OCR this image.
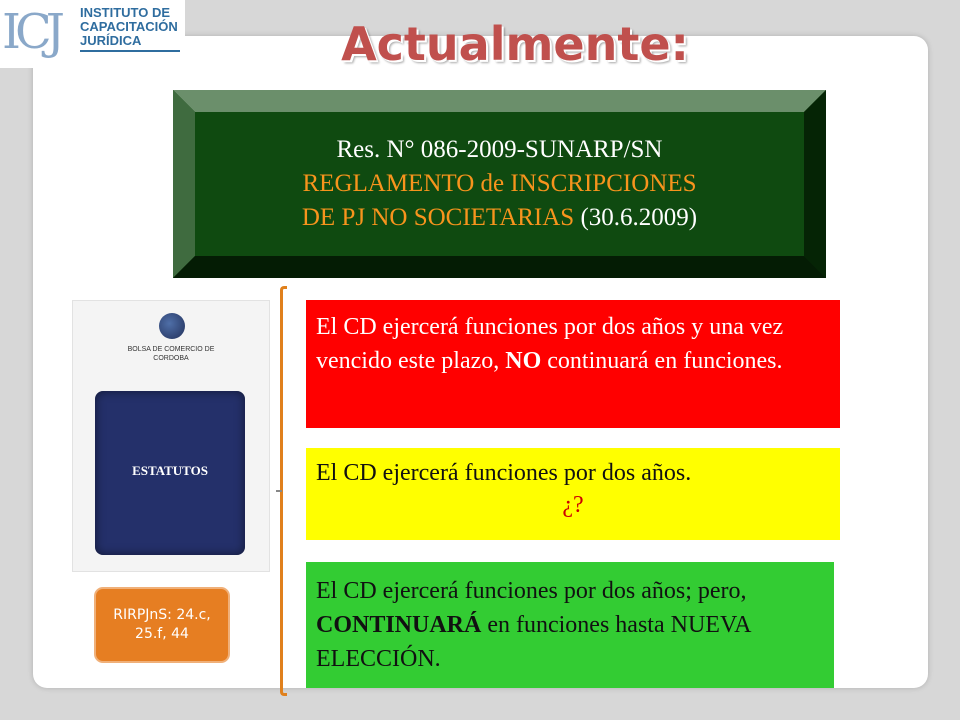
ICJ INSTITUTO DE
CAPACITACIÓN
JURÍDICA	Actualmente:
Res. N° 086-2009-SUNARP/SN
REGLAMENTO de INSCRIPCIONES
DE PJ NO SOCIETARIAS (30.6.2009)
BOLSA DE COMERCIO DE
CORDOBA
ESTATUTOS
RIRPJnS: 24.c, 25.f, 44
El CD ejercerá funciones por dos años y una vez vencido este plazo, NO continuará en funciones.
El CD ejercerá funciones por dos años.
¿?
El CD ejercerá funciones por dos años; pero, CONTINUARÁ en funciones hasta NUEVA ELECCIÓN.
